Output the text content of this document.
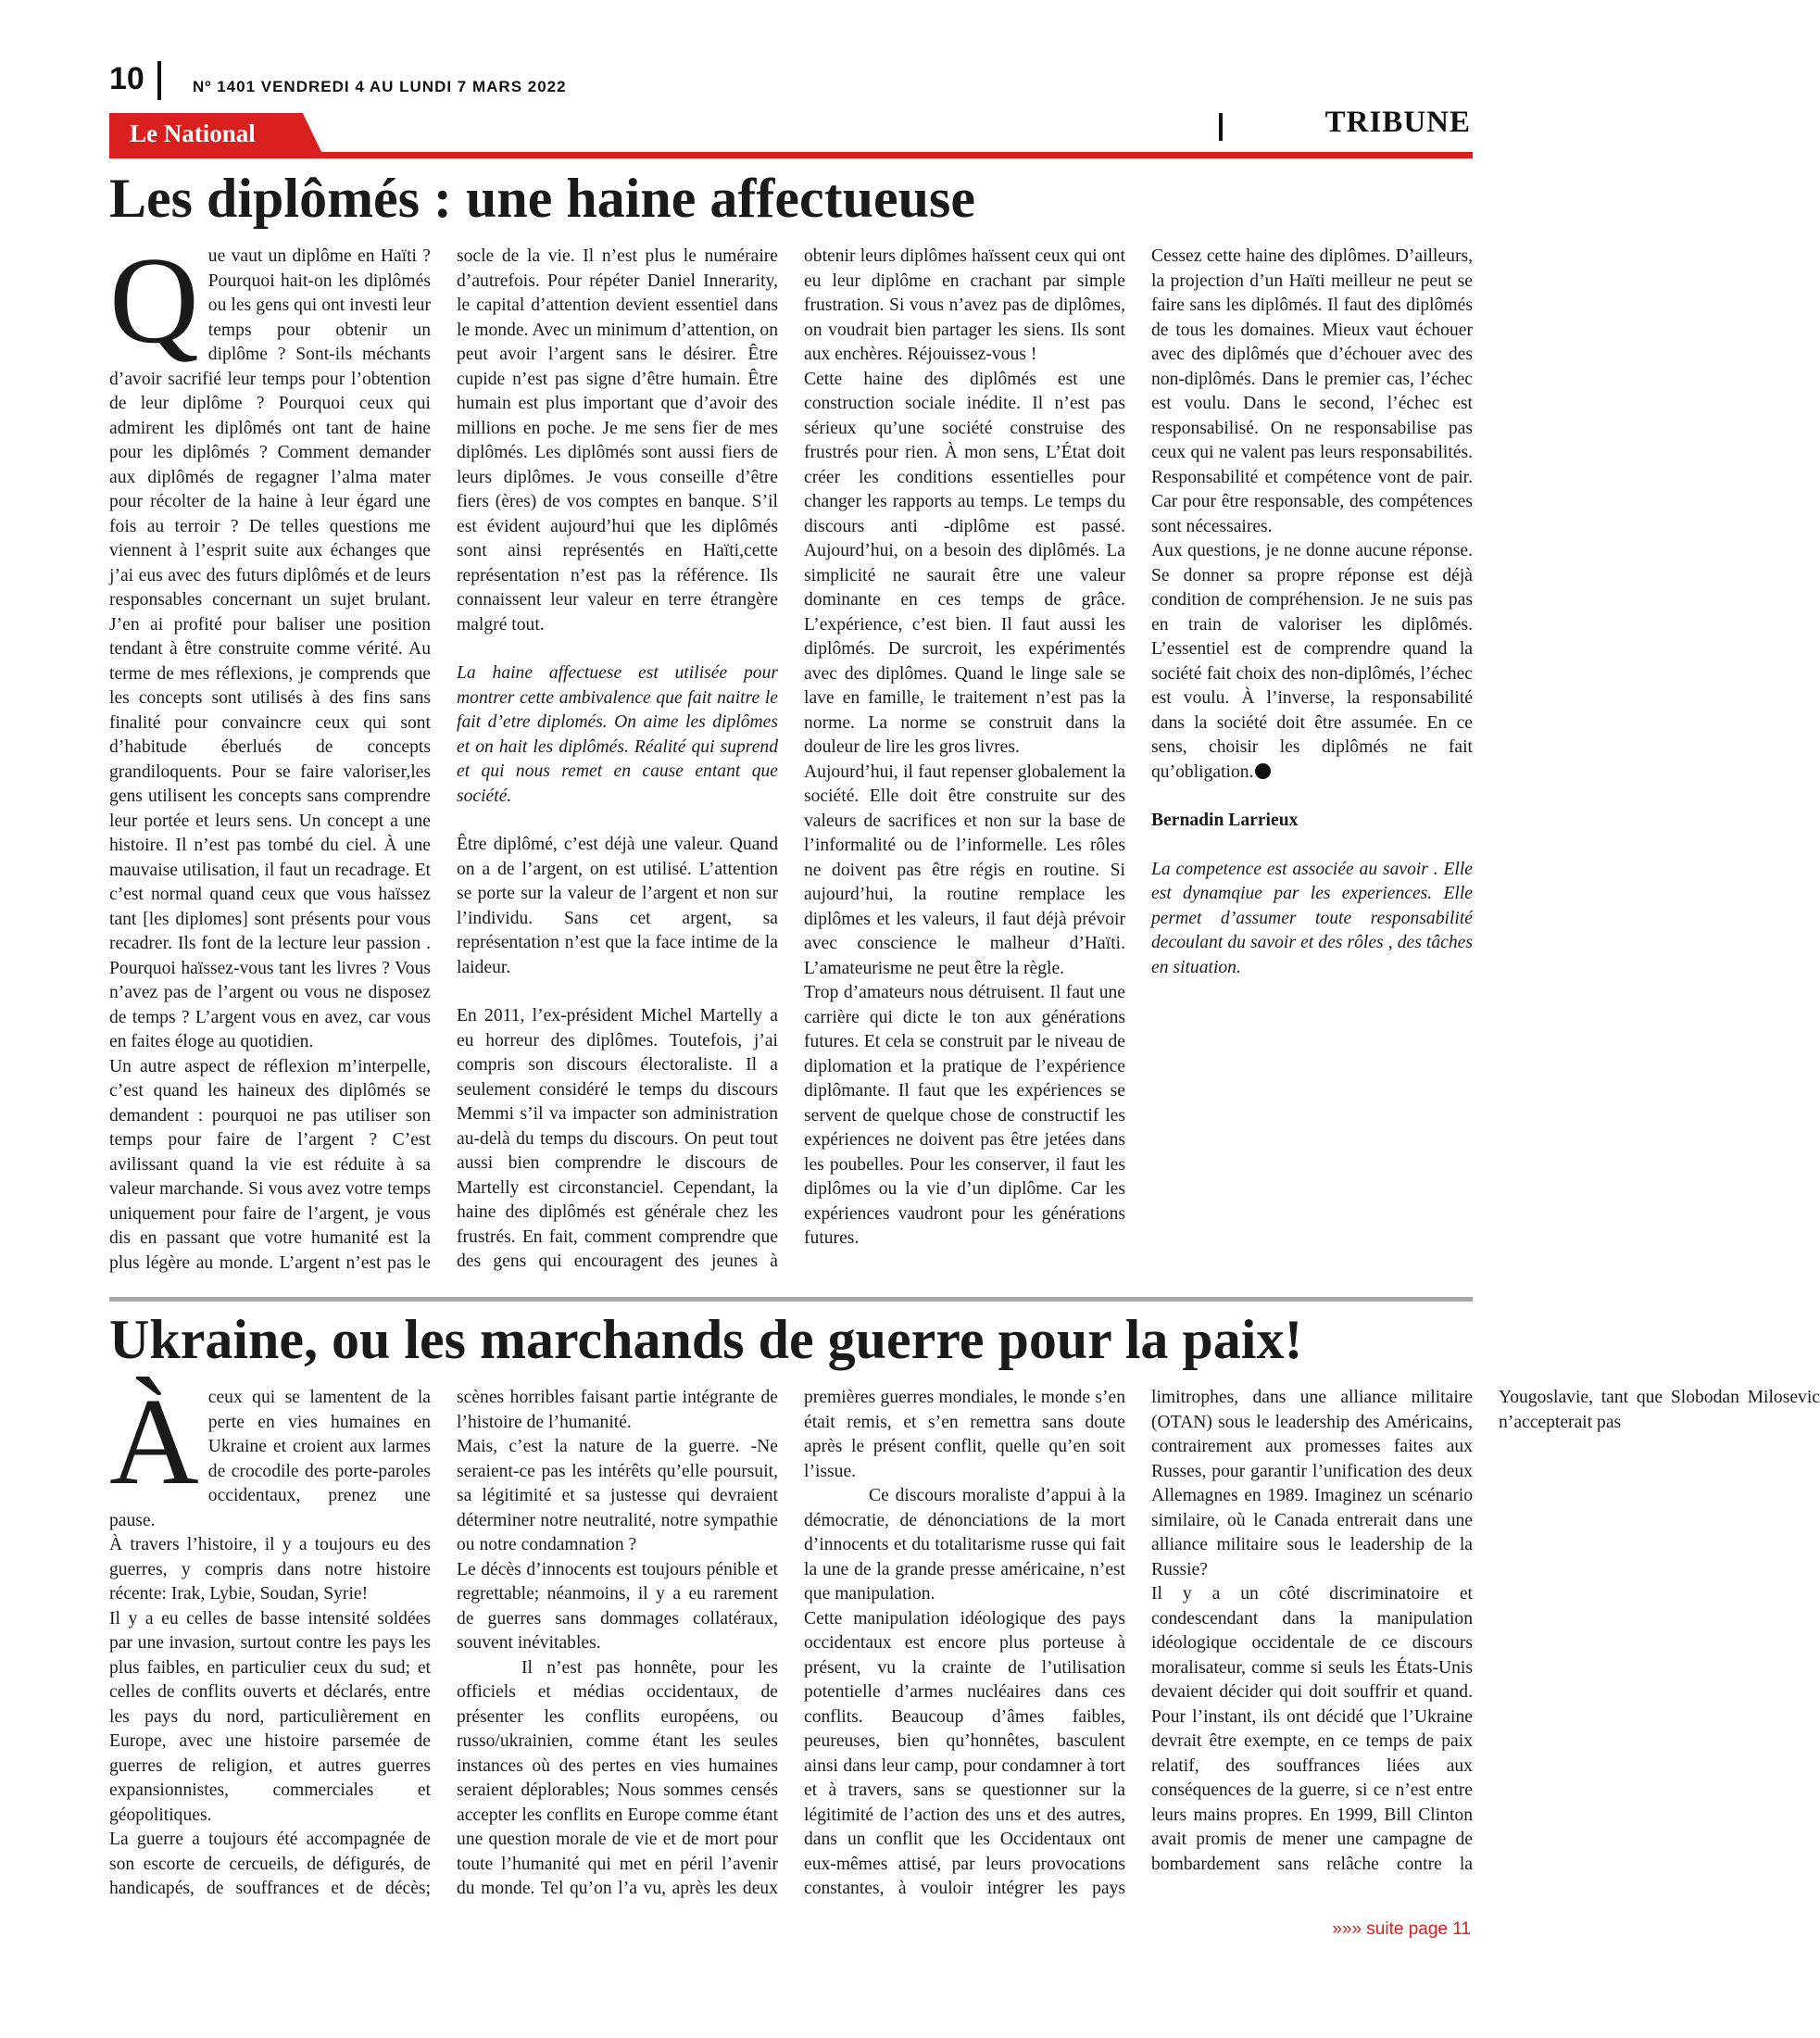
10	Nº 1401 VENDREDI 4 AU LUNDI 7 MARS 2022
Le National	TRIBUNE
Les diplômés : une haine affectueuse

Que vaut un diplôme en Haïti ? Pourquoi hait-on les diplômés ou les gens qui ont investi leur temps pour obtenir un diplôme ? Sont-ils méchants d’avoir sacrifié leur temps pour l’obtention de leur diplôme ? Pourquoi ceux qui admirent les diplômés ont tant de haine pour les diplômés ? Comment demander aux diplômés de regagner l’alma mater pour récolter de la haine à leur égard une fois au terroir ? De telles questions me viennent à l’esprit suite aux échanges que j’ai eus avec des futurs diplômés et de leurs responsables concernant un sujet brulant. J’en ai profité pour baliser une position tendant à être construite comme vérité. Au terme de mes réflexions, je comprends que les concepts sont utilisés à des fins sans finalité pour convaincre ceux qui sont d’habitude éberlués de concepts grandiloquents. Pour se faire valoriser,les gens utilisent les concepts sans comprendre leur portée et leurs sens. Un concept a une histoire. Il n’est pas tombé du ciel. À une mauvaise utilisation, il faut un recadrage. Et c’est normal quand ceux que vous haïssez tant [les diplomes] sont présents pour vous recadrer. Ils font de la lecture leur passion . Pourquoi haïssez-vous tant les livres ? Vous n’avez pas de l’argent ou vous ne disposez de temps ? L’argent vous en avez, car vous en faites éloge au quotidien.

Un autre aspect de réflexion m’interpelle, c’est quand les haineux des diplômés se demandent : pourquoi ne pas utiliser son temps pour faire de l’argent ? C’est avilissant quand la vie est réduite à sa valeur marchande. Si vous avez votre temps uniquement pour faire de l’argent, je vous dis en passant que votre humanité est la plus légère au monde. L’argent n’est pas le socle de la vie. Il n’est plus le numéraire d’autrefois. Pour répéter Daniel Innerarity, le capital d’attention devient essentiel dans le monde. Avec un minimum d’attention, on peut avoir l’argent sans le désirer. Être cupide n’est pas signe d’être humain. Être humain est plus important que d’avoir des millions en poche. Je me sens fier de mes diplômés. Les diplômés sont aussi fiers de leurs diplômes. Je vous conseille d’être fiers (ères) de vos comptes en banque. S’il est évident aujourd’hui que les diplômés sont ainsi représentés en Haïti,cette représentation n’est pas la référence. Ils connaissent leur valeur en terre étrangère malgré tout.

La haine affectuese est utilisée pour montrer cette ambivalence que fait naitre le fait d’etre diplomés. On aime les diplômes et on hait les diplômés. Réalité qui suprend et qui nous remet en cause entant que société.

Être diplômé, c’est déjà une valeur. Quand on a de l’argent, on est utilisé. L’attention se porte sur la valeur de l’argent et non sur l’individu. Sans cet argent, sa représentation n’est que la face intime de la laideur.

En 2011, l’ex-président Michel Martelly a eu horreur des diplômes. Toutefois, j’ai compris son discours électoraliste. Il a seulement considéré le temps du discours Memmi s’il va impacter son administration au-delà du temps du discours. On peut tout aussi bien comprendre le discours de Martelly est circonstanciel. Cependant, la haine des diplômés est générale chez les frustrés. En fait, comment comprendre que des gens qui encouragent des jeunes à obtenir leurs diplômes haïssent ceux qui ont eu leur diplôme en crachant par simple frustration. Si vous n’avez pas de diplômes, on voudrait bien partager les siens. Ils sont aux enchères. Réjouissez-vous !

Cette haine des diplômés est une construction sociale inédite. Il n’est pas sérieux qu’une société construise des frustrés pour rien. À mon sens, L’État doit créer les conditions essentielles pour changer les rapports au temps. Le temps du discours anti -diplôme est passé. Aujourd’hui, on a besoin des diplômés. La simplicité ne saurait être une valeur dominante en ces temps de grâce. L’expérience, c’est bien. Il faut aussi les diplômés. De surcroit, les expérimentés avec des diplômes. Quand le linge sale se lave en famille, le traitement n’est pas la norme. La norme se construit dans la douleur de lire les gros livres.

Aujourd’hui, il faut repenser globalement la société. Elle doit être construite sur des valeurs de sacrifices et non sur la base de l’informalité ou de l’informelle. Les rôles ne doivent pas être régis en routine. Si aujourd’hui, la routine remplace les diplômes et les valeurs, il faut déjà prévoir avec conscience le malheur d’Haïti. L’amateurisme ne peut être la règle.

Trop d’amateurs nous détruisent. Il faut une carrière qui dicte le ton aux générations futures. Et cela se construit par le niveau de diplomation et la pratique de l’expérience diplômante. Il faut que les expériences se servent de quelque chose de constructif les expériences ne doivent pas être jetées dans les poubelles. Pour les conserver, il faut les diplômes ou la vie d’un diplôme. Car les expériences vaudront pour les générations futures.

Cessez cette haine des diplômes. D’ailleurs, la projection d’un Haïti meilleur ne peut se faire sans les diplômés. Il faut des diplômés de tous les domaines. Mieux vaut échouer avec des diplômés que d’échouer avec des non-diplômés. Dans le premier cas, l’échec est voulu. Dans le second, l’échec est responsabilisé. On ne responsabilise pas ceux qui ne valent pas leurs responsabilités. Responsabilité et compétence vont de pair. Car pour être responsable, des compétences sont nécessaires.

Aux questions, je ne donne aucune réponse. Se donner sa propre réponse est déjà condition de compréhension. Je ne suis pas en train de valoriser les diplômés. L’essentiel est de comprendre quand la société fait choix des non-diplômés, l’échec est voulu. À l’inverse, la responsabilité dans la société doit être assumée. En ce sens, choisir les diplômés ne fait qu’obligation.

Bernadin Larrieux

La competence est associée au savoir . Elle est dynamqiue par les experiences. Elle permet d’assumer toute responsabilité decoulant du savoir et des rôles , des tâches en situation.

Ukraine, ou les marchands de guerre pour la paix!

Àceux qui se lamentent de la perte en vies humaines en Ukraine et croient aux larmes de crocodile des porte-paroles occidentaux, prenez une pause.

À travers l’histoire, il y a toujours eu des guerres, y compris dans notre histoire récente: Irak, Lybie, Soudan, Syrie!

Il y a eu celles de basse intensité soldées par une invasion, surtout contre les pays les plus faibles, en particulier ceux du sud; et celles de conflits ouverts et déclarés, entre les pays du nord, particulièrement en Europe, avec une histoire parsemée de guerres de religion, et autres guerres expansionnistes, commerciales et géopolitiques.

La guerre a toujours été accompagnée de son escorte de cercueils, de défigurés, de handicapés, de souffrances et de décès; scènes horribles faisant partie intégrante de l’histoire de l’humanité.

Mais, c’est la nature de la guerre. -Ne seraient-ce pas les intérêts qu’elle poursuit, sa légitimité et sa justesse qui devraient déterminer notre neutralité, notre sympathie ou notre condamnation ?

Le décès d’innocents est toujours pénible et regrettable; néanmoins, il y a eu rarement de guerres sans dommages collatéraux, souvent inévitables.

Il n’est pas honnête, pour les officiels et médias occidentaux, de présenter les conflits européens, ou russo/ukrainien, comme étant les seules instances où des pertes en vies humaines seraient déplorables; Nous sommes censés accepter les conflits en Europe comme étant une question morale de vie et de mort pour toute l’humanité qui met en péril l’avenir du monde. Tel qu’on l’a vu, après les deux premières guerres mondiales, le monde s’en était remis, et s’en remettra sans doute après le présent conflit, quelle qu’en soit l’issue.

Ce discours moraliste d’appui à la démocratie, de dénonciations de la mort d’innocents et du totalitarisme russe qui fait la une de la grande presse américaine, n’est que manipulation.

Cette manipulation idéologique des pays occidentaux est encore plus porteuse à présent, vu la crainte de l’utilisation potentielle d’armes nucléaires dans ces conflits. Beaucoup d’âmes faibles, peureuses, bien qu’honnêtes, basculent ainsi dans leur camp, pour condamner à tort et à travers, sans se questionner sur la légitimité de l’action des uns et des autres, dans un conflit que les Occidentaux ont eux-mêmes attisé, par leurs provocations constantes, à vouloir intégrer les pays limitrophes, dans une alliance militaire (OTAN) sous le leadership des Américains, contrairement aux promesses faites aux Russes, pour garantir l’unification des deux Allemagnes en 1989. Imaginez un scénario similaire, où le Canada entrerait dans une alliance militaire sous le leadership de la Russie?

Il y a un côté discriminatoire et condescendant dans la manipulation idéologique occidentale de ce discours moralisateur, comme si seuls les États-Unis devaient décider qui doit souffrir et quand. Pour l’instant, ils ont décidé que l’Ukraine devrait être exempte, en ce temps de paix relatif, des souffrances liées aux conséquences de la guerre, si ce n’est entre leurs mains propres. En 1999, Bill Clinton avait promis de mener une campagne de bombardement sans relâche contre la Yougoslavie, tant que Slobodan Milosevic n’accepterait pas

»»» suite page 11
